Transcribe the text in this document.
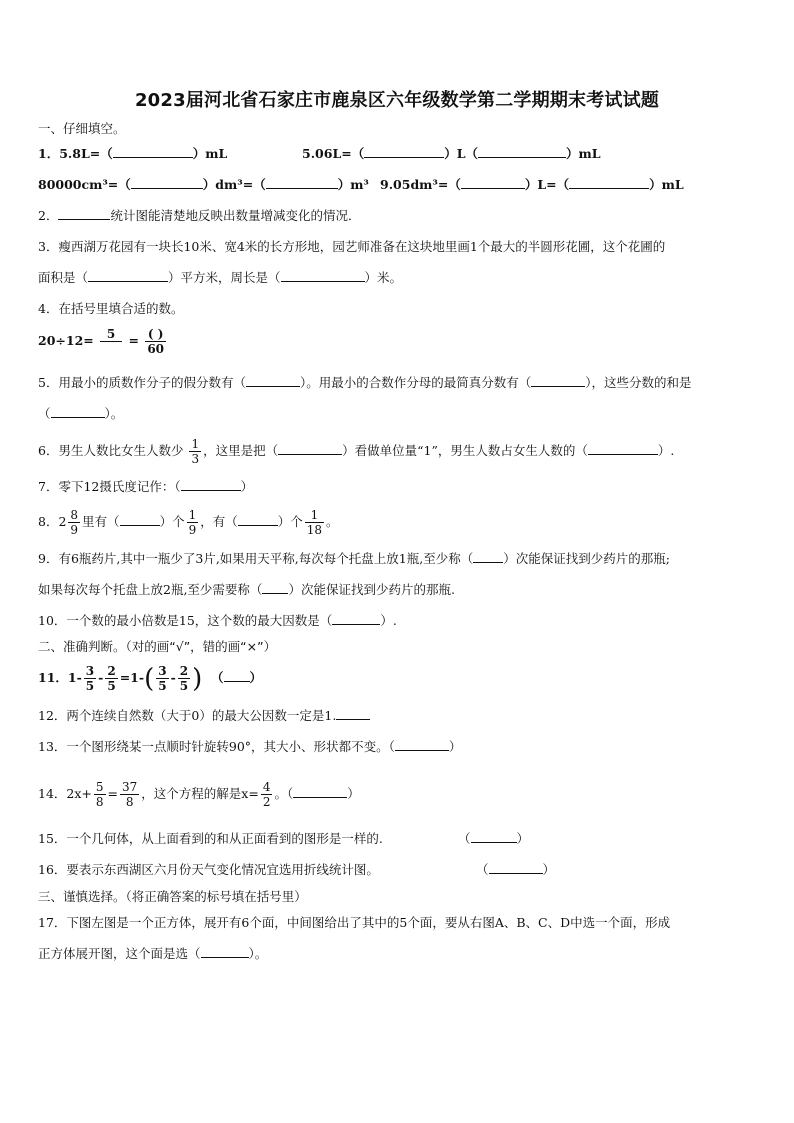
2023届河北省石家庄市鹿泉区六年级数学第二学期期末考试试题
一、仔细填空。
1．5.8L=（	）mL	5.06L=（	）L（	）mL
80000cm³=（	）dm³=（	）m³ 9.05dm³=（	）L=（	）mL
2．	统计图能清楚地反映出数量增减变化的情况．
3．瘦西湖万花园有一块长10米、宽4米的长方形地，园艺师准备在这块地里画1个最大的半圆形花圃，这个花圃的
面积是（	）平方米，周长是（	）米。
4．在括号里填合适的数。
20÷12=	5
	= $\frac{( )}{60}$
5．用最小的质数作分子的假分数有（	）。用最小的合数作分母的最简真分数有（	），这些分数的和是
（	）。
6．男生人数比女生人数少 $\frac{1}{3}$ ，这里是把（	）看做单位量“1”，男生人数占女生人数的（	）.
7．零下12摄氏度记作：（	）
8．$2 \frac{8}{9}$ 里有（	）个 $\frac{1}{9}$ ，有（	）个 $\frac{1}{18}$ 。
9．有6瓶药片,其中一瓶少了3片,如果用天平称,每次每个托盘上放1瓶,至少称（ ）次能保证找到少药片的那瓶;
如果每次每个托盘上放2瓶,至少需要称（ ）次能保证找到少药片的那瓶.
10．一个数的最小倍数是15，这个数的最大因数是（	）.
二、准确判断。（对的画“√”，错的画“×”）
11．$1- \frac{3}{5} - \frac{2}{5} =1-( \frac{3}{5} - \frac{2}{5}$ ) （ ）
12．两个连续自然数（大于0）的最大公因数一定是1.
13．一个图形绕某一点顺时针旋转90°，其大小、形状都不变。（	）
14．$2x+ \frac{5}{8} = \frac{37}{8}$ ，这个方程的解是$x= \frac{4}{2}$ 。（	）
15．一个几何体，从上面看到的和从正面看到的图形是一样的.	（	）
16．要表示东西湖区六月份天气变化情况宜选用折线统计图。	（	）
三、谨慎选择。（将正确答案的标号填在括号里）
17．下图左图是一个正方体，展开有6个面，中间图给出了其中的5个面，要从右图A、B、C、D中选一个面，形成
正方体展开图，这个面是选（	）。
